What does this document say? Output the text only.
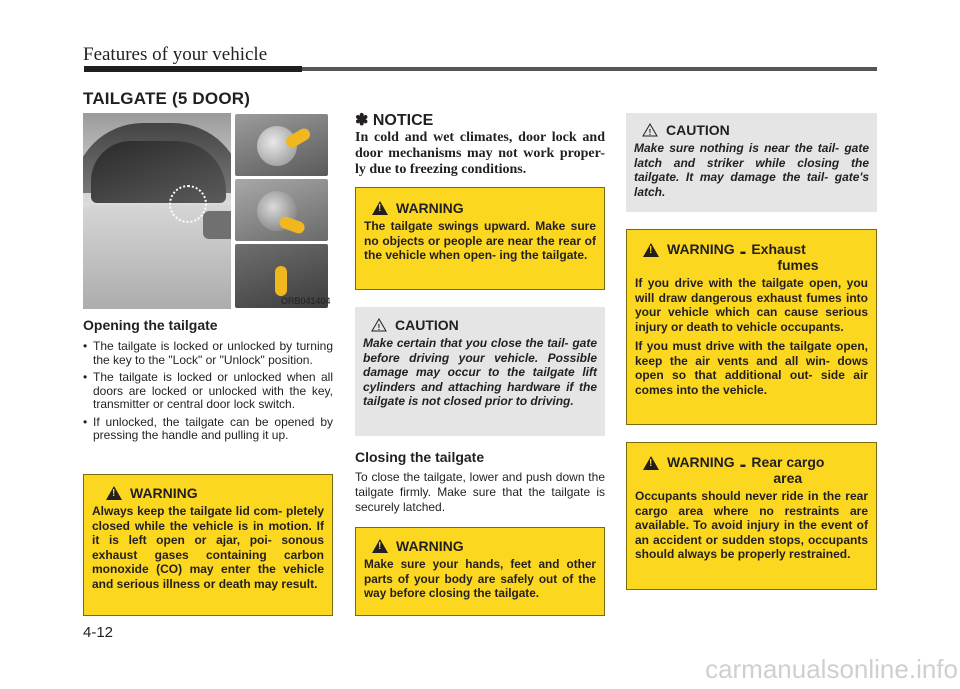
Features of your vehicle
TAILGATE (5 DOOR)
ORB041404
Opening the tailgate
• The tailgate is locked or unlocked by turning the key to the "Lock" or "Unlock" position.
• The tailgate is locked or unlocked when all doors are locked or unlocked with the key, transmitter or central door lock switch.
• If unlocked, the tailgate can be opened by pressing the handle and pulling it up.
!
WARNING
Always keep the tailgate lid com- pletely closed while the vehicle is in motion. If it is left open or ajar, poi- sonous exhaust gases containing carbon monoxide (CO) may enter the vehicle and serious illness or death may result.
✽ NOTICE
In cold and wet climates, door lock and door mechanisms may not work proper- ly due to freezing conditions.
!
WARNING
The tailgate swings upward. Make sure no objects or people are near the rear of the vehicle when open- ing the tailgate.
! CAUTION
Make certain that you close the tail- gate before driving your vehicle. Possible damage may occur to the tailgate lift cylinders and attaching hardware if the tailgate is not closed prior to driving.
Closing the tailgate
To close the tailgate, lower and push down the tailgate firmly. Make sure that the tailgate is securely latched.
!
WARNING
Make sure your hands, feet and other parts of your body are safely out of the way before closing the tailgate.
! CAUTION
Make sure nothing is near the tail- gate latch and striker while closing the tailgate. It may damage the tail- gate's latch.
!
WARNING - Exhaust
fumes
If you drive with the tailgate open, you will draw dangerous exhaust fumes into your vehicle which can cause serious injury or death to vehicle occupants.
If you must drive with the tailgate open, keep the air vents and all win- dows open so that additional out- side air comes into the vehicle.
!
WARNING - Rear cargo
area
Occupants should never ride in the rear cargo area where no restraints are available. To avoid injury in the event of an accident or sudden stops, occupants should always be properly restrained.
4-12
carmanualsonline.info
